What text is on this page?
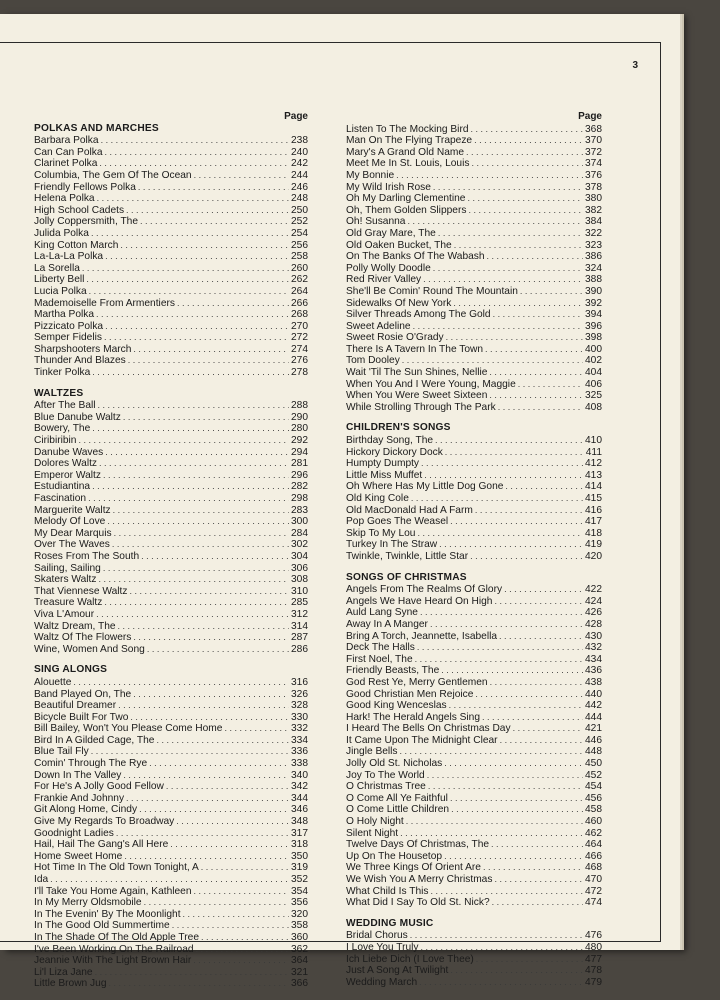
3
Page
POLKAS AND MARCHES
Barbara Polka . . .	238
Can Can Polka . . .	240
Clarinet Polka . . .	242
Columbia, The Gem Of The Ocean . . .	244
Friendly Fellows Polka . . .	246
Helena Polka . . .	248
High School Cadets . . .	250
Jolly Coppersmith, The . . .	252
Julida Polka . . .	254
King Cotton March . . .	256
La-La-La Polka . . .	258
La Sorella . . .	260
Liberty Bell . . .	262
Lucia Polka . . .	264
Mademoiselle From Armentiers . . .	266
Martha Polka . . .	268
Pizzicato Polka . . .	270
Semper Fidelis . . .	272
Sharpshooters March . . .	274
Thunder And Blazes . . .	276
Tinker Polka . . .	278
WALTZES
After The Ball . . .	288
Blue Danube Waltz . . .	290
Bowery, The . . .	280
Ciribiribin . . .	292
Danube Waves . . .	294
Dolores Waltz . . .	281
Emperor Waltz . . .	296
Estudiantina . . .	282
Fascination . . .	298
Marguerite Waltz . . .	283
Melody Of Love . . .	300
My Dear Marquis . . .	284
Over The Waves . . .	302
Roses From The South . . .	304
Sailing, Sailing . . .	306
Skaters Waltz . . .	308
That Viennese Waltz . . .	310
Treasure Waltz . . .	285
Viva L'Amour . . .	312
Waltz Dream, The . . .	314
Waltz Of The Flowers . . .	287
Wine, Women And Song . . .	286
SING ALONGS
Alouette . . .	316
Band Played On, The . . .	326
Beautiful Dreamer . . .	328
Bicycle Built For Two . . .	330
Bill Bailey, Won't You Please Come Home . . .	332
Bird In A Gilded Cage, The . . .	334
Blue Tail Fly . . .	336
Comin' Through The Rye . . .	338
Down In The Valley . . .	340
For He's A Jolly Good Fellow . . .	342
Frankie And Johnny . . .	344
Git Along Home, Cindy . . .	346
Give My Regards To Broadway . . .	348
Goodnight Ladies . . .	317
Hail, Hail The Gang's All Here . . .	318
Home Sweet Home . . .	350
Hot Time In The Old Town Tonight, A . . .	319
Ida . . .	352
I'll Take You Home Again, Kathleen . . .	354
In My Merry Oldsmobile . . .	356
In The Evenin' By The Moonlight . . .	320
In The Good Old Summertime . . .	358
In The Shade Of The Old Apple Tree . . .	360
I've Been Working On The Railroad . . .	362
Jeannie With The Light Brown Hair . . .	364
Li'l Liza Jane . . .	321
Little Brown Jug . . .	366
Page
Listen To The Mocking Bird . . .	368
Man On The Flying Trapeze . . .	370
Mary's A Grand Old Name . . .	372
Meet Me In St. Louis, Louis . . .	374
My Bonnie . . .	376
My Wild Irish Rose . . .	378
Oh My Darling Clementine . . .	380
Oh, Them Golden Slippers . . .	382
Oh! Susanna . . .	384
Old Gray Mare, The . . .	322
Old Oaken Bucket, The . . .	323
On The Banks Of The Wabash . . .	386
Polly Wolly Doodle . . .	324
Red River Valley . . .	388
She'll Be Comin' Round The Mountain . . .	390
Sidewalks Of New York . . .	392
Silver Threads Among The Gold . . .	394
Sweet Adeline . . .	396
Sweet Rosie O'Grady . . .	398
There Is A Tavern In The Town . . .	400
Tom Dooley . . .	402
Wait 'Til The Sun Shines, Nellie . . .	404
When You And I Were Young, Maggie . . .	406
When You Were Sweet Sixteen . . .	325
While Strolling Through The Park . . .	408
CHILDREN'S SONGS
Birthday Song, The . . .	410
Hickory Dickory Dock . . .	411
Humpty Dumpty . . .	412
Little Miss Muffet . . .	413
Oh Where Has My Little Dog Gone . . .	414
Old King Cole . . .	415
Old MacDonald Had A Farm . . .	416
Pop Goes The Weasel . . .	417
Skip To My Lou . . .	418
Turkey In The Straw . . .	419
Twinkle, Twinkle, Little Star . . .	420
SONGS OF CHRISTMAS
Angels From The Realms Of Glory . . .	422
Angels We Have Heard On High . . .	424
Auld Lang Syne . . .	426
Away In A Manger . . .	428
Bring A Torch, Jeannette, Isabella . . .	430
Deck The Halls . . .	432
First Noel, The . . .	434
Friendly Beasts, The . . .	436
God Rest Ye, Merry Gentlemen . . .	438
Good Christian Men Rejoice . . .	440
Good King Wenceslas . . .	442
Hark! The Herald Angels Sing . . .	444
I Heard The Bells On Christmas Day . . .	421
It Came Upon The Midnight Clear . . .	446
Jingle Bells . . .	448
Jolly Old St. Nicholas . . .	450
Joy To The World . . .	452
O Christmas Tree . . .	454
O Come All Ye Faithful . . .	456
O Come Little Children . . .	458
O Holy Night . . .	460
Silent Night . . .	462
Twelve Days Of Christmas, The . . .	464
Up On The Housetop . . .	466
We Three Kings Of Orient Are . . .	468
We Wish You A Merry Christmas . . .	470
What Child Is This . . .	472
What Did I Say To Old St. Nick? . . .	474
WEDDING MUSIC
Bridal Chorus . . .	476
I Love You Truly . . .	480
Ich Liebe Dich (I Love Thee) . . .	477
Just A Song At Twilight . . .	478
Wedding March . . .	479
